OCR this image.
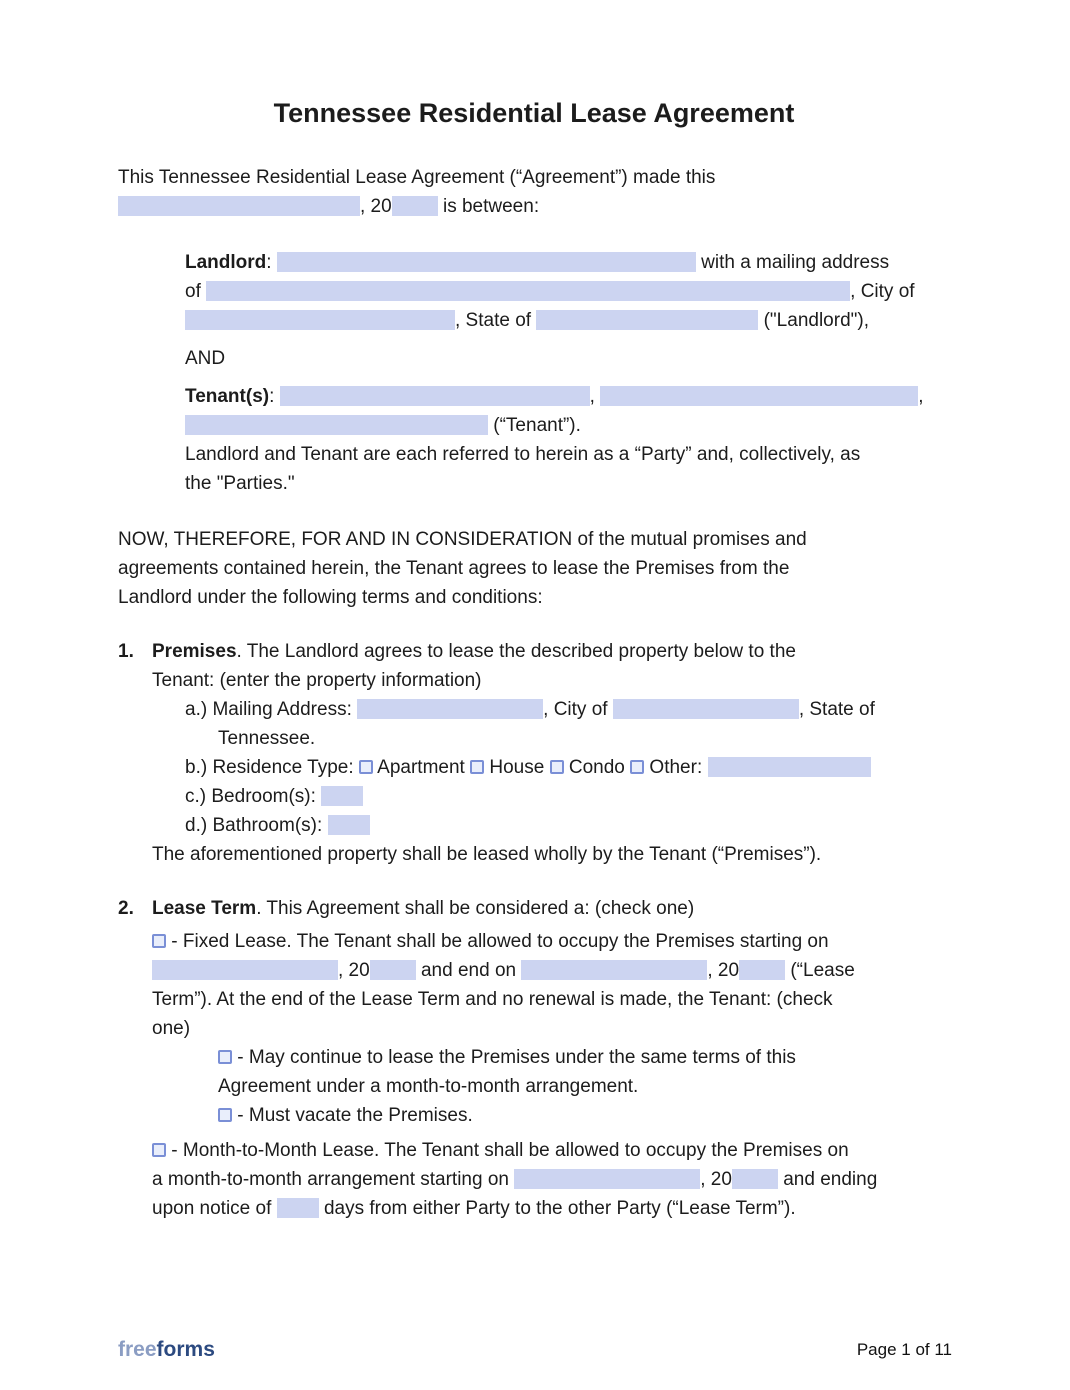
Tennessee Residential Lease Agreement
This Tennessee Residential Lease Agreement (“Agreement”) made this
, 20	is between:
Landlord:	with a mailing address
of	, City of
, State of	("Landlord"),
AND
Tenant(s):	,	,
(“Tenant”).
Landlord and Tenant are each referred to herein as a “Party” and, collectively, as
the "Parties."
NOW, THEREFORE, FOR AND IN CONSIDERATION of the mutual promises and
agreements contained herein, the Tenant agrees to lease the Premises from the
Landlord under the following terms and conditions:
1. Premises. The Landlord agrees to lease the described property below to the
Tenant: (enter the property information)
a.) Mailing Address:	, City of	, State of
Tennessee.
b.) Residence Type: Apartment House Condo Other:
c.) Bedroom(s):
d.) Bathroom(s):
The aforementioned property shall be leased wholly by the Tenant (“Premises”).
2. Lease Term. This Agreement shall be considered a: (check one)
- Fixed Lease. The Tenant shall be allowed to occupy the Premises starting on
, 20	and end on	, 20	(“Lease
Term”). At the end of the Lease Term and no renewal is made, the Tenant: (check
one)
- May continue to lease the Premises under the same terms of this
Agreement under a month-to-month arrangement.
- Must vacate the Premises.
- Month-to-Month Lease. The Tenant shall be allowed to occupy the Premises on
a month-to-month arrangement starting on	, 20	and ending
upon notice of	days from either Party to the other Party (“Lease Term”).
freeforms	Page 1 of 11
